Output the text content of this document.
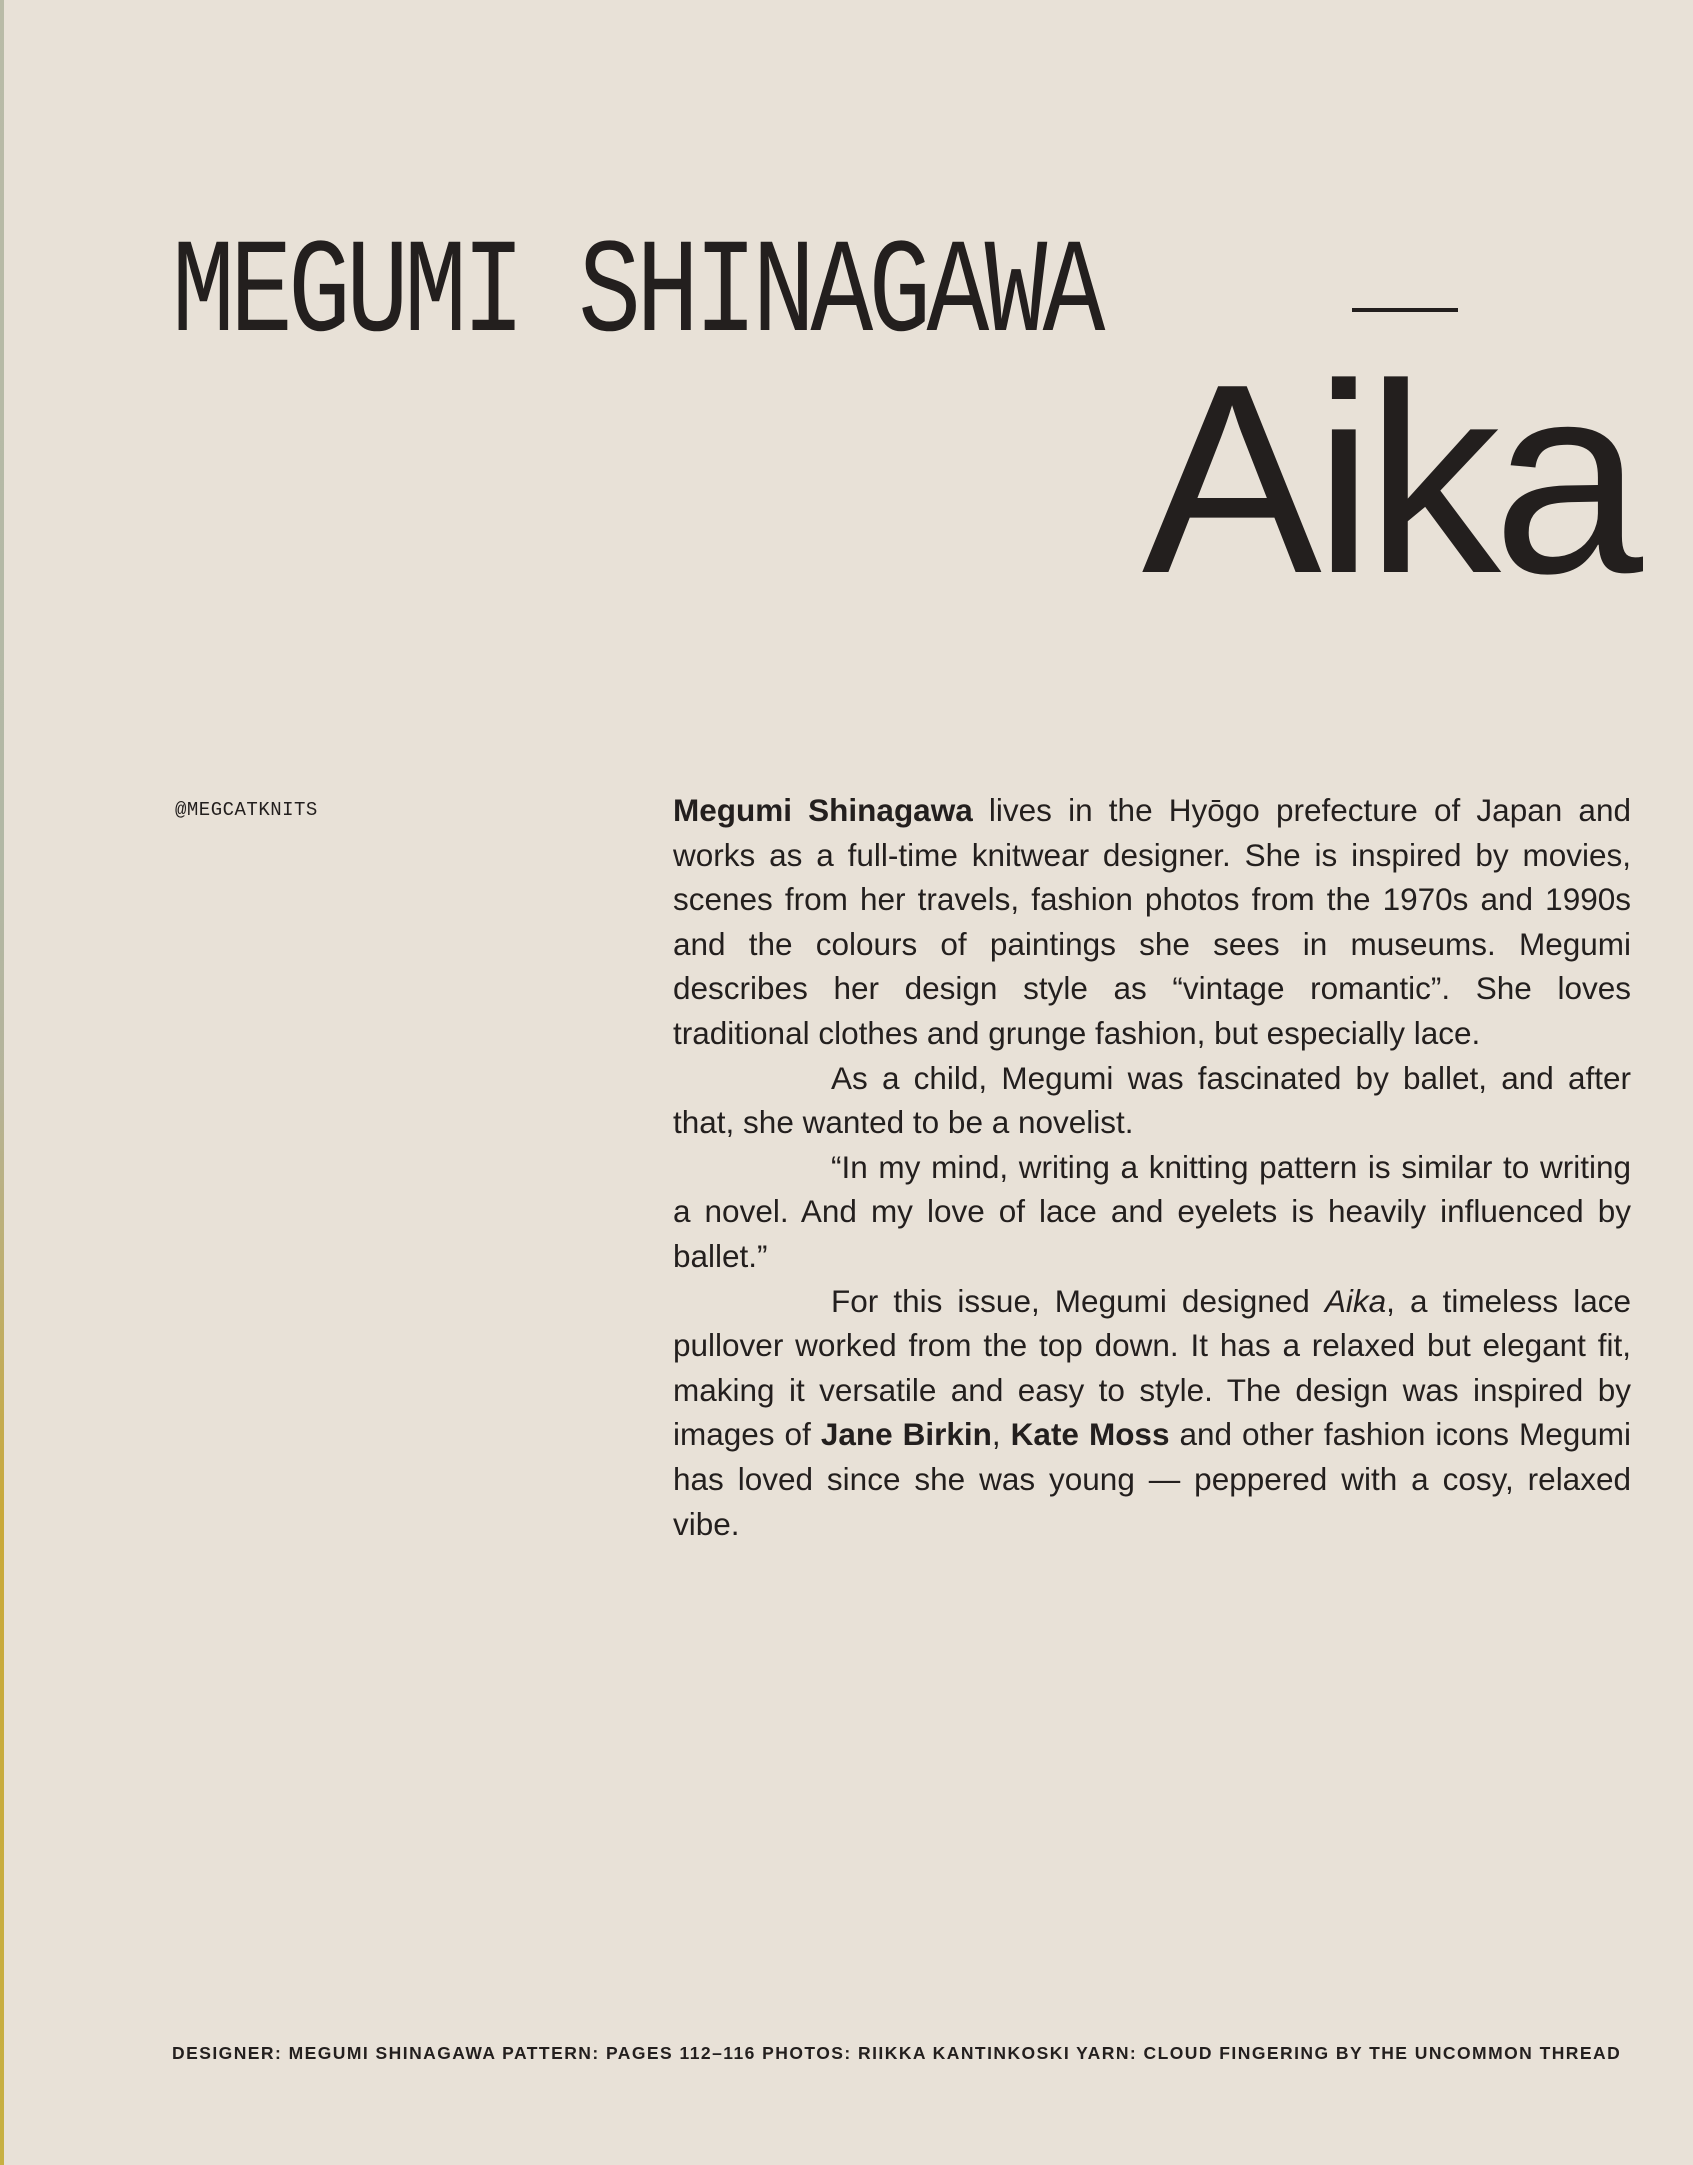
MEGUMI SHINAGAWA
Aika
@MEGCATKNITS	Megumi Shinagawa lives in the Hyōgo prefecture of Japan and works as a full-time knitwear designer. She is inspired by movies, scenes from her travels, fashion photos from the 1970s and 1990s and the colours of paintings she sees in museums. Megumi describes her design style as “vintage romantic”. She loves traditional clothes and grunge fashion, but especially lace.

As a child, Megumi was fascinated by ballet, and after that, she wanted to be a novelist.

“In my mind, writing a knitting pattern is similar to writing a novel. And my love of lace and eyelets is heavily influenced by ballet.”

For this issue, Megumi designed Aika, a timeless lace pullover worked from the top down. It has a relaxed but elegant fit, making it versatile and easy to style. The design was inspired by images of Jane Birkin, Kate Moss and other fashion icons Megumi has loved since she was young — peppered with a cosy, relaxed vibe.

DESIGNER: MEGUMI SHINAGAWA PATTERN: PAGES 112–116 PHOTOS: RIIKKA KANTINKOSKI YARN: CLOUD FINGERING BY THE UNCOMMON THREAD
